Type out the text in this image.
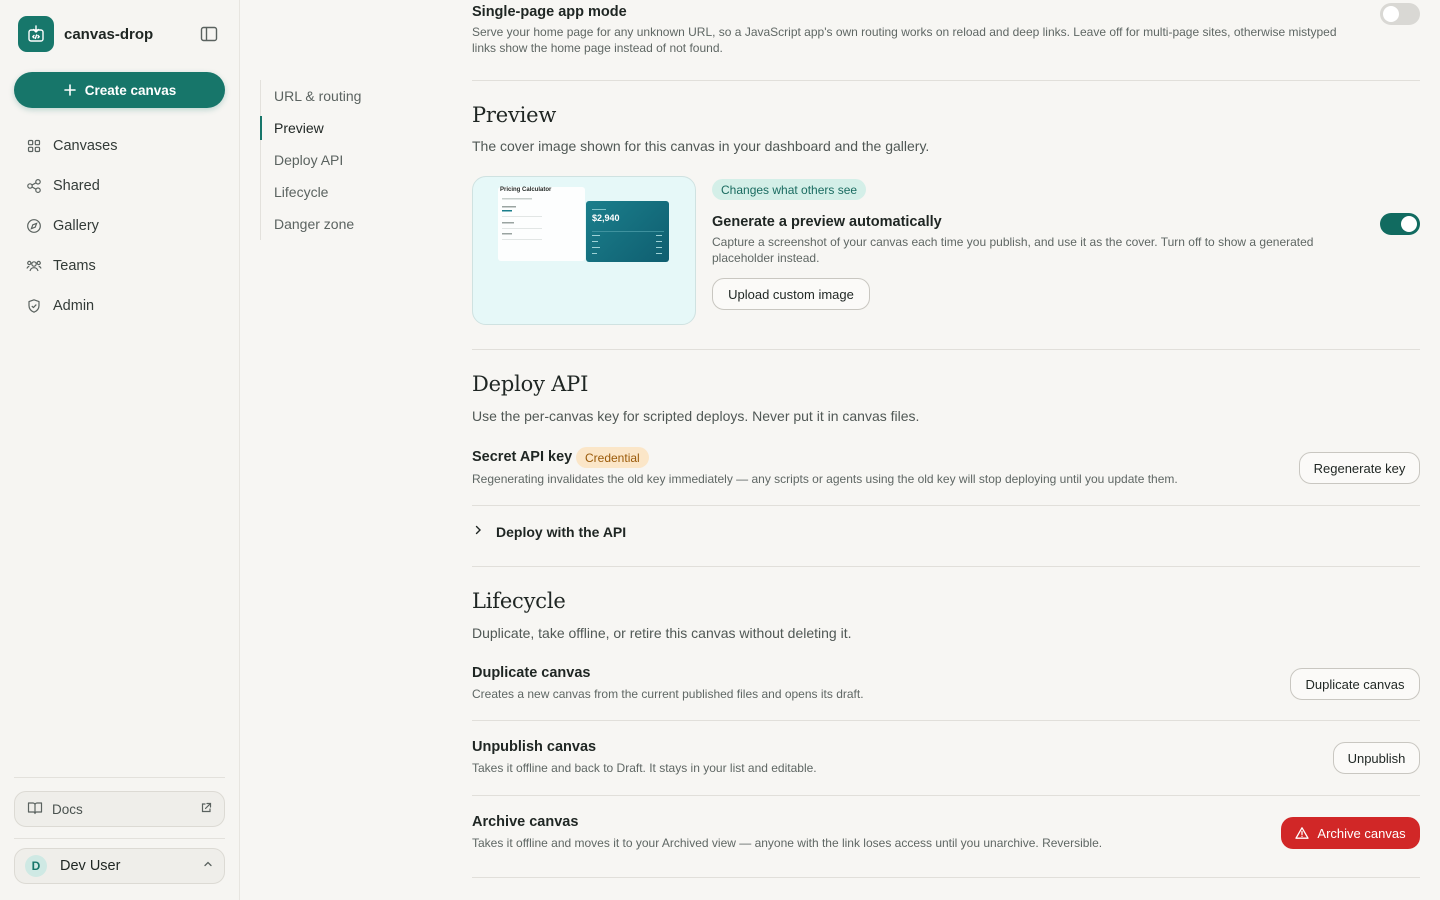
canvas-drop
Create canvas
Canvases
Shared
Gallery
Teams
Admin
Docs
D	Dev User
URL & routing
Preview
Deploy API
Lifecycle
Danger zone
Single-page app mode
Serve your home page for any unknown URL, so a JavaScript app's own routing works on reload and deep links. Leave off for multi-page sites, otherwise mistyped links show the home page instead of not found.
Preview
The cover image shown for this canvas in your dashboard and the gallery.
Pricing Calculator
$2,940
Changes what others see
Generate a preview automatically
Capture a screenshot of your canvas each time you publish, and use it as the cover. Turn off to show a generated placeholder instead.
Upload custom image
Deploy API
Use the per-canvas key for scripted deploys. Never put it in canvas files.
Secret API key	Credential
Regenerating invalidates the old key immediately — any scripts or agents using the old key will stop deploying until you update them.
Regenerate key
Deploy with the API
Lifecycle
Duplicate, take offline, or retire this canvas without deleting it.
Duplicate canvas
Creates a new canvas from the current published files and opens its draft.
Duplicate canvas
Unpublish canvas
Takes it offline and back to Draft. It stays in your list and editable.
Unpublish
Archive canvas
Takes it offline and moves it to your Archived view — anyone with the link loses access until you unarchive. Reversible.
Archive canvas
